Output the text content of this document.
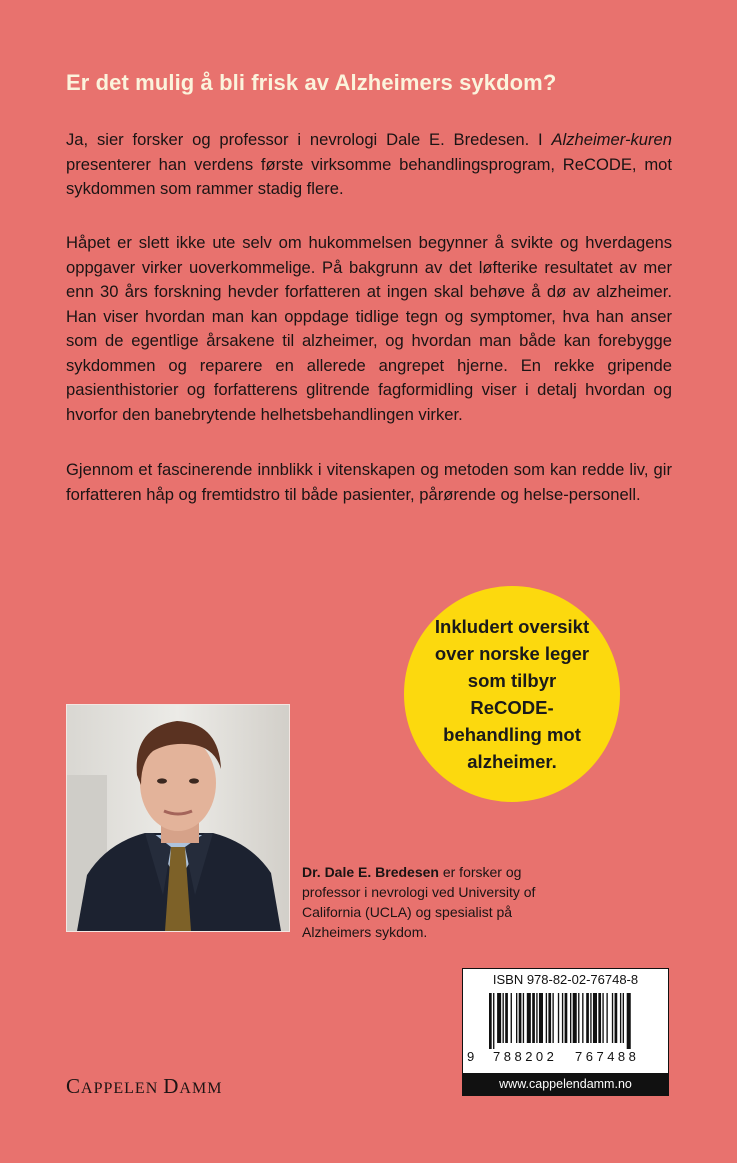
Er det mulig å bli frisk av Alzheimers sykdom?
Ja, sier forsker og professor i nevrologi Dale E. Bredesen. I Alzheimer-kuren presenterer han verdens første virksomme behandlingsprogram, ReCODE, mot sykdommen som rammer stadig flere.
Håpet er slett ikke ute selv om hukommelsen begynner å svikte og hverdagens oppgaver virker uoverkommelige. På bakgrunn av det løfterike resultatet av mer enn 30 års forskning hevder forfatteren at ingen skal behøve å dø av alzheimer. Han viser hvordan man kan oppdage tidlige tegn og symptomer, hva han anser som de egentlige årsakene til alzheimer, og hvordan man både kan forebygge sykdommen og reparere en allerede angrepet hjerne. En rekke gripende pasienthistorier og forfatterens glitrende fagformidling viser i detalj hvordan og hvorfor den banebrytende helhetsbehandlingen virker.
Gjennom et fascinerende innblikk i vitenskapen og metoden som kan redde liv, gir forfatteren håp og fremtidstro til både pasienter, pårørende og helse-personell.
Inkludert oversikt over norske leger som tilbyr ReCODE-behandling mot alzheimer.
Dr. Dale E. Bredesen er forsker og professor i nevrologi ved University of California (UCLA) og spesialist på Alzheimers sykdom.
CAPPELEN DAMM
ISBN 978-82-02-76748-8
9 788202 767488
www.cappelendamm.no
